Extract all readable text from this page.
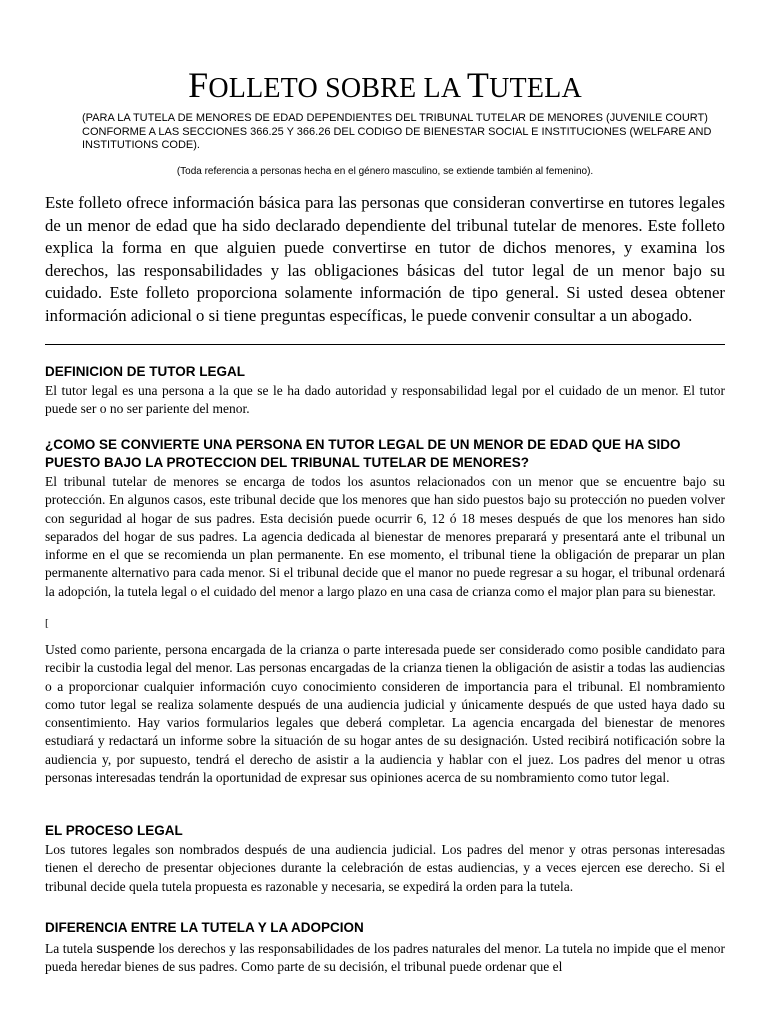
FOLLETO SOBRE LA TUTELA

(PARA LA TUTELA DE MENORES DE EDAD DEPENDIENTES DEL TRIBUNAL TUTELAR DE MENORES (JUVENILE COURT) CONFORME A LAS SECCIONES 366.25 Y 366.26 DEL CODIGO DE BIENESTAR SOCIAL E INSTITUCIONES (WELFARE AND INSTITUTIONS CODE).

(Toda referencia a personas hecha en el género masculino, se extiende también al femenino).

Este folleto ofrece información básica para las personas que consideran convertirse en tutores legales de un menor de edad que ha sido declarado dependiente del tribunal tutelar de menores. Este folleto explica la forma en que alguien puede convertirse en tutor de dichos menores, y examina los derechos, las responsabilidades y las obligaciones básicas del tutor legal de un menor bajo su cuidado. Este folleto proporciona solamente información de tipo general. Si usted desea obtener información adicional o si tiene preguntas específicas, le puede convenir consultar a un abogado.

DEFINICION DE TUTOR LEGAL

El tutor legal es una persona a la que se le ha dado autoridad y responsabilidad legal por el cuidado de un menor. El tutor puede ser o no ser pariente del menor.

¿COMO SE CONVIERTE UNA PERSONA EN TUTOR LEGAL DE UN MENOR DE EDAD QUE HA SIDO PUESTO BAJO LA PROTECCION DEL TRIBUNAL TUTELAR DE MENORES?

El tribunal tutelar de menores se encarga de todos los asuntos relacionados con un menor que se encuentre bajo su protección. En algunos casos, este tribunal decide que los menores que han sido puestos bajo su protección no pueden volver con seguridad al hogar de sus padres. Esta decisión puede ocurrir 6, 12 ó 18 meses después de que los menores han sido separados del hogar de sus padres. La agencia dedicada al bienestar de menores preparará y presentará ante el tribunal un informe en el que se recomienda un plan permanente. En ese momento, el tribunal tiene la obligación de preparar un plan permanente alternativo para cada menor. Si el tribunal decide que el manor no puede regresar a su hogar, el tribunal ordenará la adopción, la tutela legal o el cuidado del menor a largo plazo en una casa de crianza como el major plan para su bienestar.

[

Usted como pariente, persona encargada de la crianza o parte interesada puede ser considerado como posible candidato para recibir la custodia legal del menor. Las personas encargadas de la crianza tienen la obligación de asistir a todas las audiencias o a proporcionar cualquier información cuyo conocimiento consideren de importancia para el tribunal. El nombramiento como tutor legal se realiza solamente después de una audiencia judicial y únicamente después de que usted haya dado su consentimiento. Hay varios formularios legales que deberá completar. La agencia encargada del bienestar de menores estudiará y redactará un informe sobre la situación de su hogar antes de su designación. Usted recibirá notificación sobre la audiencia y, por supuesto, tendrá el derecho de asistir a la audiencia y hablar con el juez. Los padres del menor u otras personas interesadas tendrán la oportunidad de expresar sus opiniones acerca de su nombramiento como tutor legal.

EL PROCESO LEGAL

Los tutores legales son nombrados después de una audiencia judicial. Los padres del menor y otras personas interesadas tienen el derecho de presentar objeciones durante la celebración de estas audiencias, y a veces ejercen ese derecho. Si el tribunal decide quela tutela propuesta es razonable y necesaria, se expedirá la orden para la tutela.

DIFERENCIA ENTRE LA TUTELA Y LA ADOPCION

La tutela suspende los derechos y las responsabilidades de los padres naturales del menor. La tutela no impide que el menor pueda heredar bienes de sus padres. Como parte de su decisión, el tribunal puede ordenar que el
